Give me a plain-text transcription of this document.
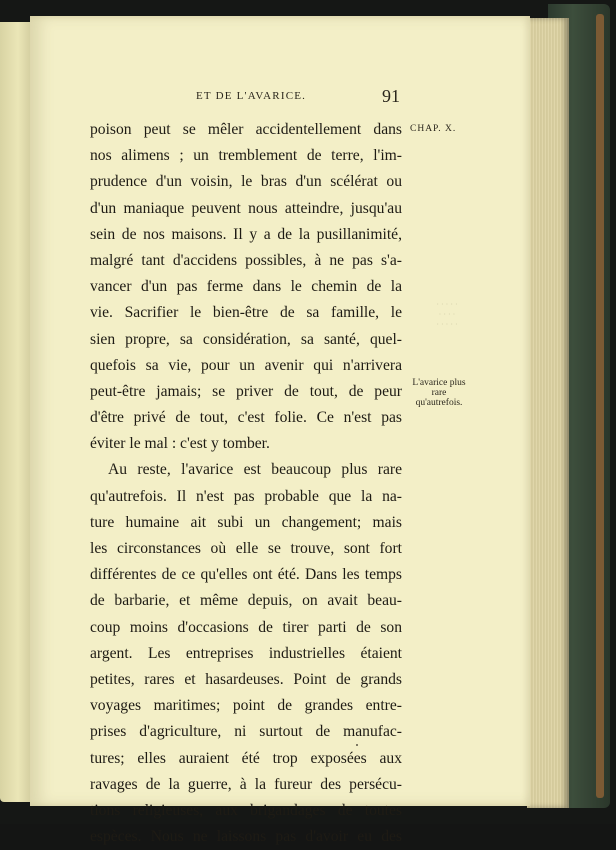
· · · · ·
· · · ·
· · · · ·
ET DE L'AVARICE.	91
CHAP. X.
L'avarice plus
rare
qu'autrefois.
poison peut se mêler accidentellement dans
nos alimens ; un tremblement de terre, l'im-
prudence d'un voisin, le bras d'un scélérat ou
d'un maniaque peuvent nous atteindre, jusqu'au
sein de nos maisons. Il y a de la pusillanimité,
malgré tant d'accidens possibles, à ne pas s'a-
vancer d'un pas ferme dans le chemin de la
vie. Sacrifier le bien-être de sa famille, le
sien propre, sa considération, sa santé, quel-
quefois sa vie, pour un avenir qui n'arrivera
peut-être jamais; se priver de tout, de peur
d'être privé de tout, c'est folie. Ce n'est pas
éviter le mal : c'est y tomber.
Au reste, l'avarice est beaucoup plus rare
qu'autrefois. Il n'est pas probable que la na-
ture humaine ait subi un changement; mais
les circonstances où elle se trouve, sont fort
différentes de ce qu'elles ont été. Dans les temps
de barbarie, et même depuis, on avait beau-
coup moins d'occasions de tirer parti de son
argent. Les entreprises industrielles étaient
petites, rares et hasardeuses. Point de grands
voyages maritimes; point de grandes entre-
prises d'agriculture, ni surtout de manufac-
tures; elles auraient été trop exposées aux
ravages de la guerre, à la fureur des persécu-
tions religieuses, aux brigandages de toutes
espèces. Nous ne laissons pas d'avoir eu des
